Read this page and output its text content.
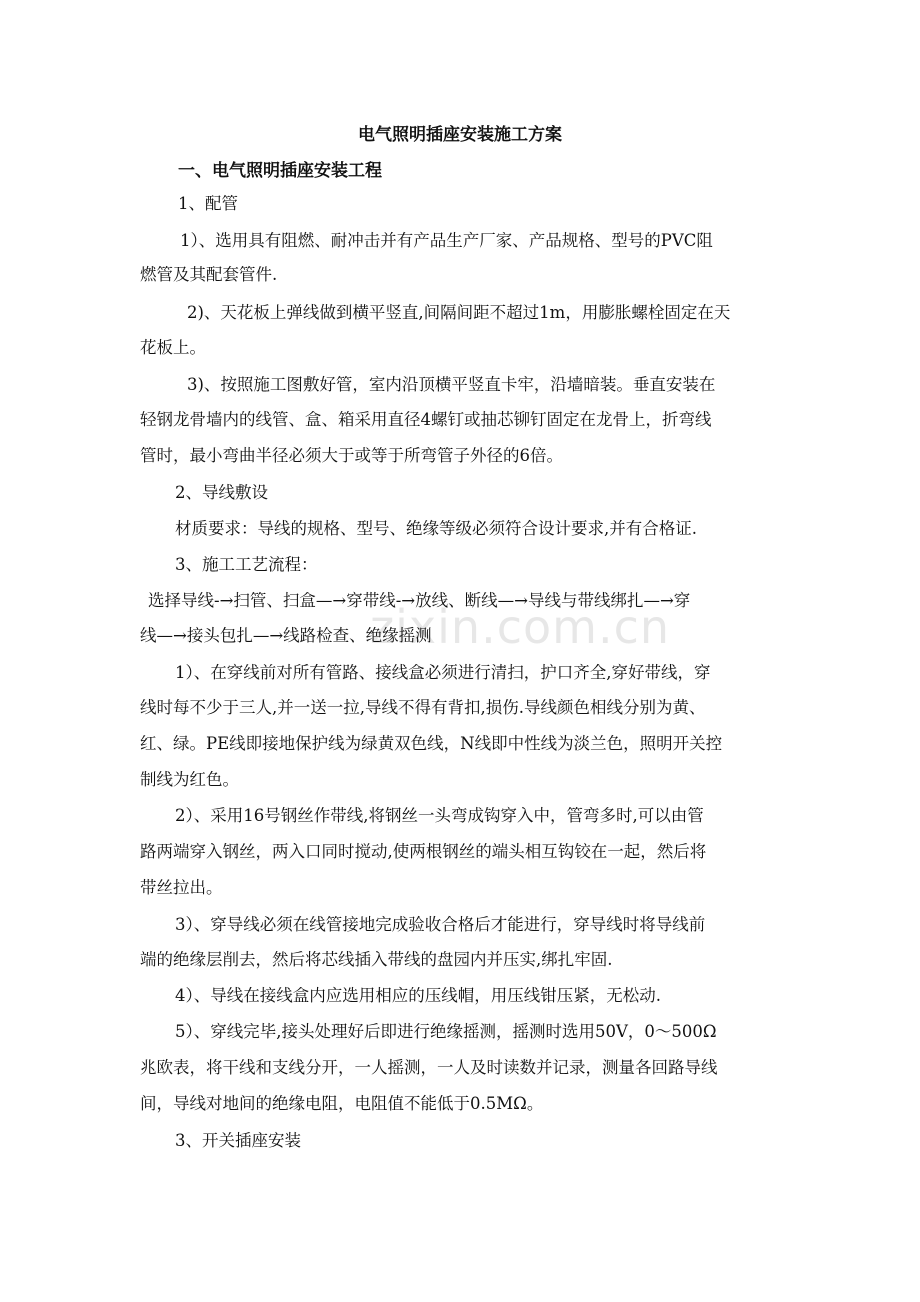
zixin.com.cn
电气照明插座安装施工方案
一、电气照明插座安装工程
1、配管
1）、选用具有阻燃、耐冲击并有产品生产厂家、产品规格、型号的PVC阻
燃管及其配套管件.
2)、天花板上弹线做到横平竖直,间隔间距不超过1m，用膨胀螺栓固定在天
花板上。
3)、按照施工图敷好管，室内沿顶横平竖直卡牢，沿墙暗装。垂直安装在
轻钢龙骨墙内的线管、盒、箱采用直径4螺钉或抽芯铆钉固定在龙骨上，折弯线
管时，最小弯曲半径必须大于或等于所弯管子外径的6倍。
2、导线敷设
材质要求：导线的规格、型号、绝缘等级必须符合设计要求,并有合格证.
3、施工工艺流程：
选择导线-→扫管、扫盒—→穿带线-→放线、断线—→导线与带线绑扎—→穿
线—→接头包扎—→线路检查、绝缘摇测
1）、在穿线前对所有管路、接线盒必须进行清扫，护口齐全,穿好带线，穿
线时每不少于三人,并一送一拉,导线不得有背扣,损伤.导线颜色相线分别为黄、
红、绿。PE线即接地保护线为绿黄双色线，N线即中性线为淡兰色，照明开关控
制线为红色。
2）、采用16号钢丝作带线,将钢丝一头弯成钩穿入中，管弯多时,可以由管
路两端穿入钢丝，两入口同时搅动,使两根钢丝的端头相互钩铰在一起，然后将
带丝拉出。
3）、穿导线必须在线管接地完成验收合格后才能进行，穿导线时将导线前
端的绝缘层削去，然后将芯线插入带线的盘园内并压实,绑扎牢固.
4）、导线在接线盒内应选用相应的压线帽，用压线钳压紧，无松动.
5）、穿线完毕,接头处理好后即进行绝缘摇测，摇测时选用50V，0～500Ω
兆欧表，将干线和支线分开，一人摇测，一人及时读数并记录，测量各回路导线
间，导线对地间的绝缘电阻，电阻值不能低于0.5MΩ。
3、开关插座安装
